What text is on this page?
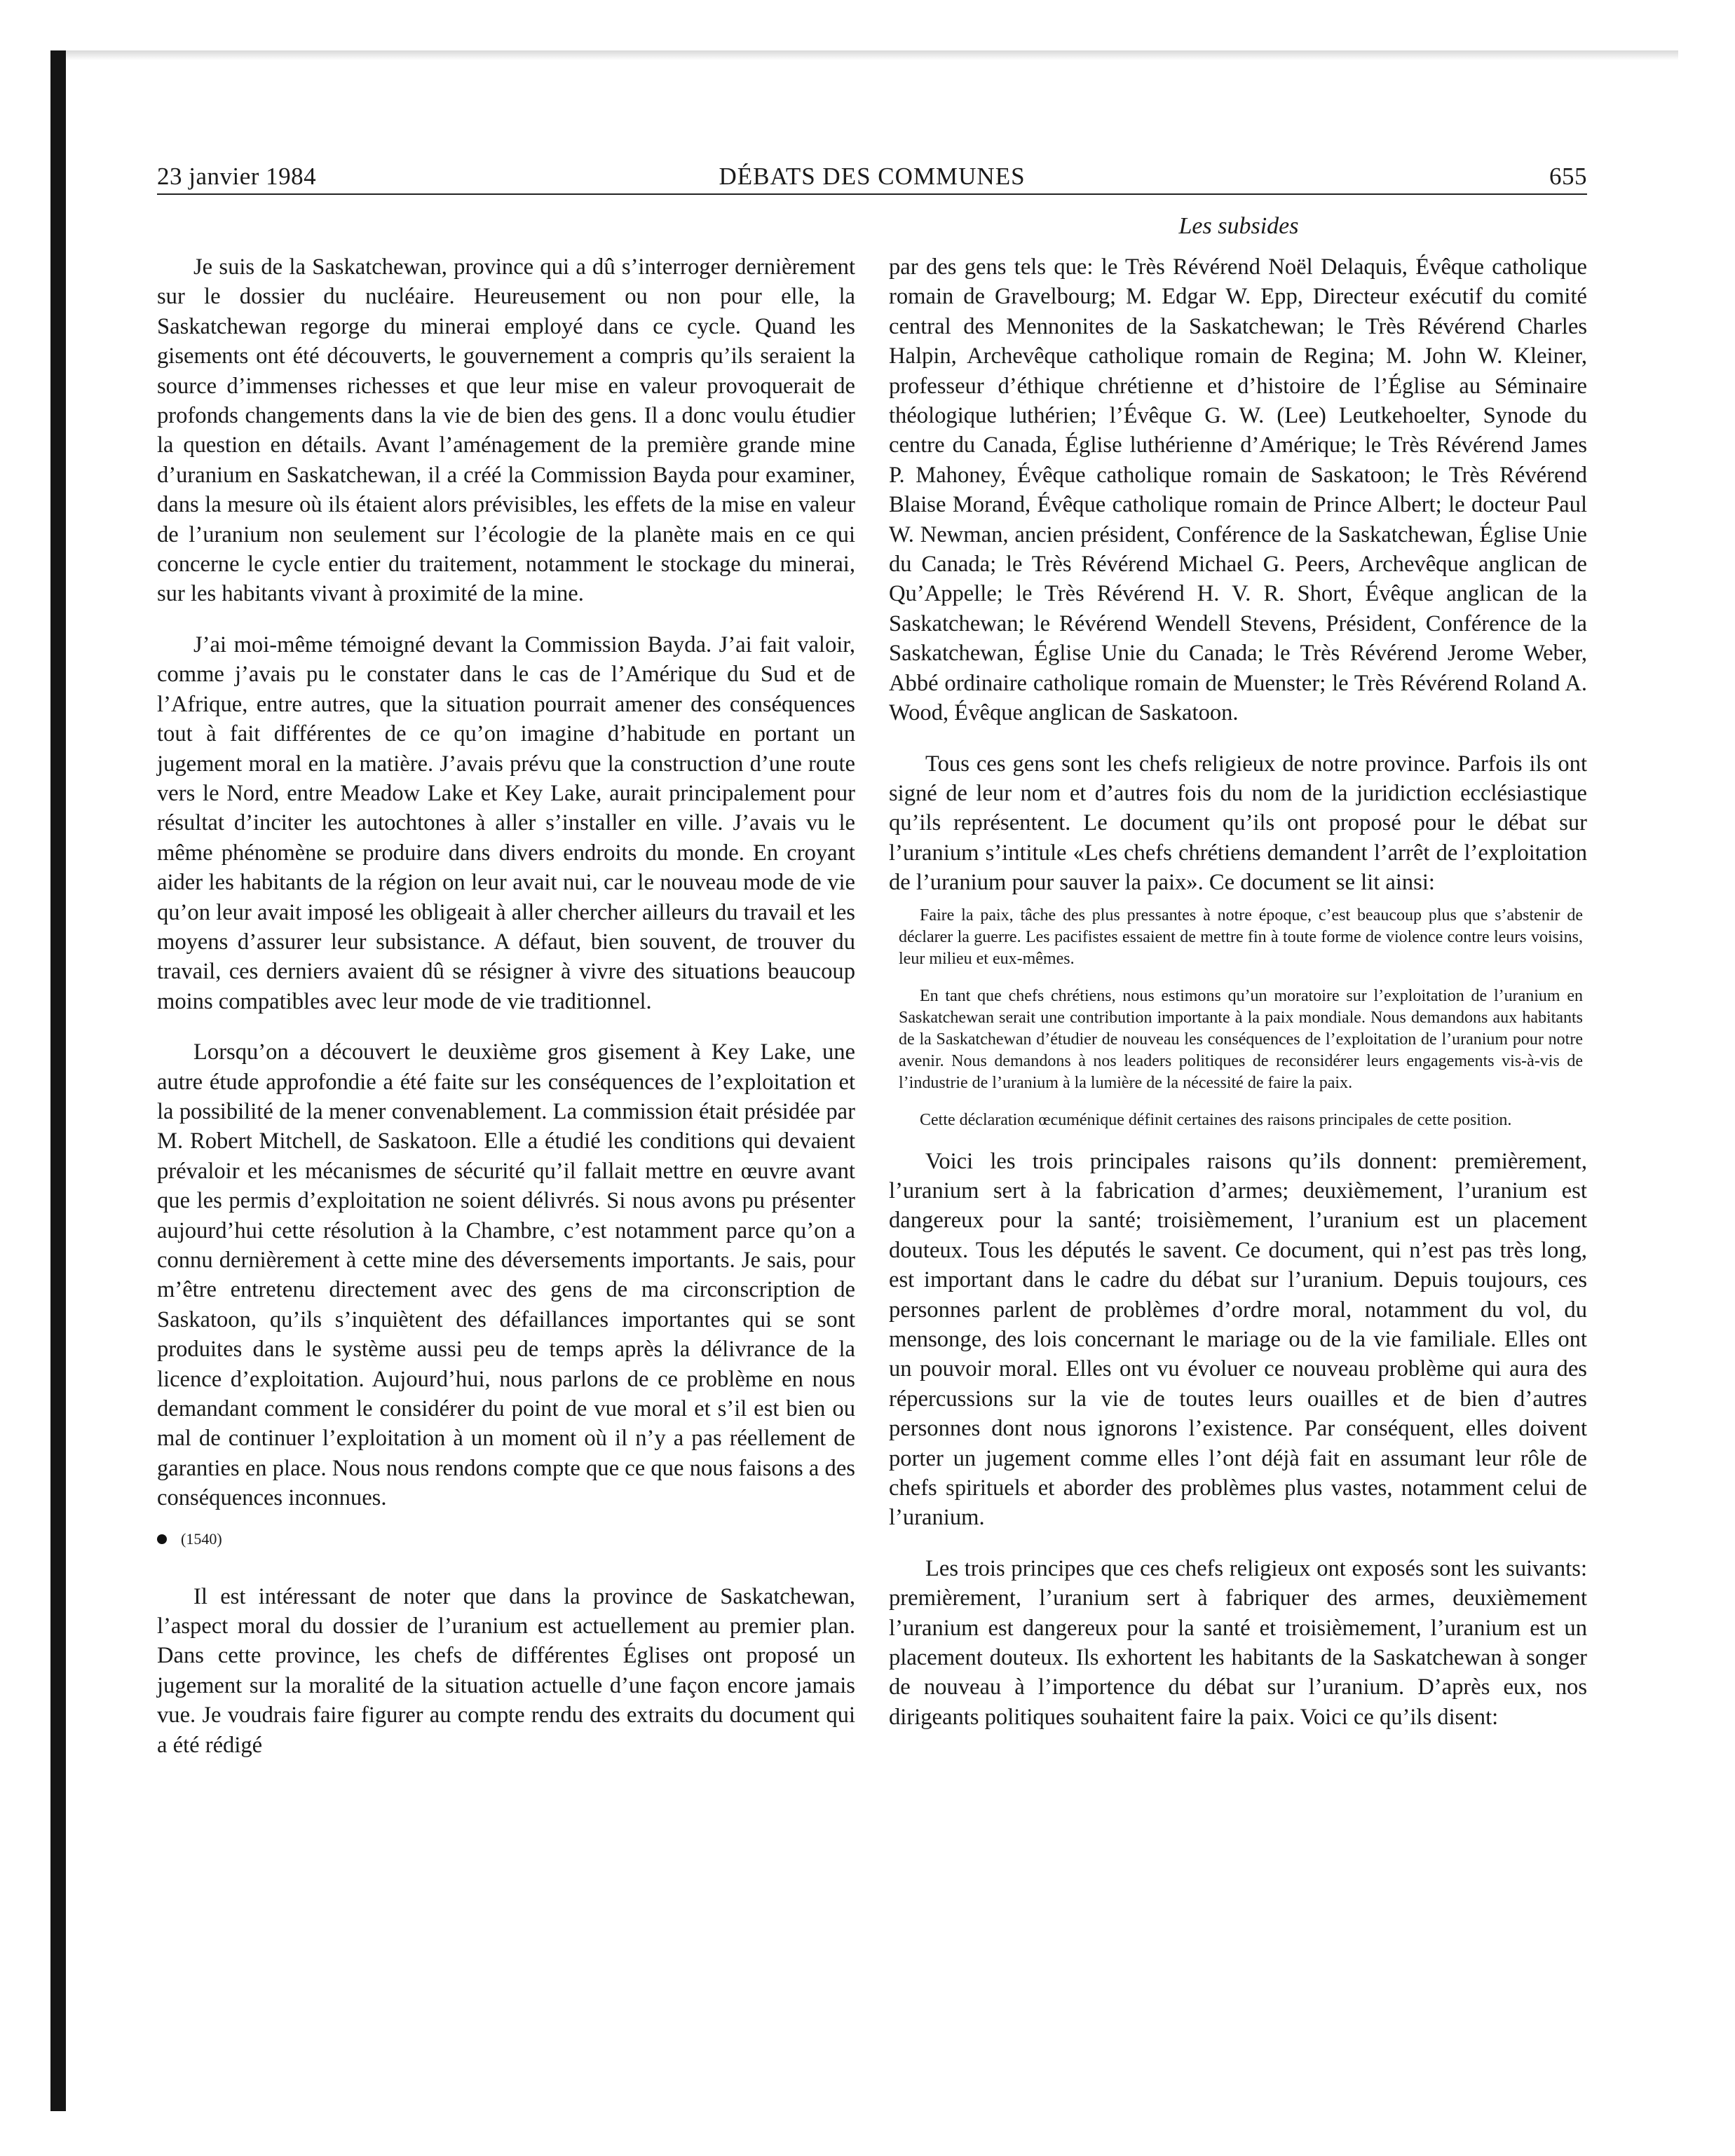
23 janvier 1984	DÉBATS DES COMMUNES	655
Les subsides

Je suis de la Saskatchewan, province qui a dû s’interroger dernièrement sur le dossier du nucléaire. Heureusement ou non pour elle, la Saskatchewan regorge du minerai employé dans ce cycle. Quand les gisements ont été découverts, le gouvernement a compris qu’ils seraient la source d’immenses richesses et que leur mise en valeur provoquerait de profonds changements dans la vie de bien des gens. Il a donc voulu étudier la question en détails. Avant l’aménagement de la première grande mine d’uranium en Saskatchewan, il a créé la Commission Bayda pour examiner, dans la mesure où ils étaient alors prévisibles, les effets de la mise en valeur de l’uranium non seulement sur l’écologie de la planète mais en ce qui concerne le cycle entier du traitement, notamment le stockage du minerai, sur les habitants vivant à proximité de la mine.

J’ai moi-même témoigné devant la Commission Bayda. J’ai fait valoir, comme j’avais pu le constater dans le cas de l’Amérique du Sud et de l’Afrique, entre autres, que la situation pourrait amener des conséquences tout à fait différentes de ce qu’on imagine d’habitude en portant un jugement moral en la matière. J’avais prévu que la construction d’une route vers le Nord, entre Meadow Lake et Key Lake, aurait principalement pour résultat d’inciter les autochtones à aller s’installer en ville. J’avais vu le même phénomène se produire dans divers endroits du monde. En croyant aider les habitants de la région on leur avait nui, car le nouveau mode de vie qu’on leur avait imposé les obligeait à aller chercher ailleurs du travail et les moyens d’assurer leur subsistance. A défaut, bien souvent, de trouver du travail, ces derniers avaient dû se résigner à vivre des situations beaucoup moins compatibles avec leur mode de vie traditionnel.

Lorsqu’on a découvert le deuxième gros gisement à Key Lake, une autre étude approfondie a été faite sur les conséquences de l’exploitation et la possibilité de la mener convenablement. La commission était présidée par M. Robert Mitchell, de Saskatoon. Elle a étudié les conditions qui devaient prévaloir et les mécanismes de sécurité qu’il fallait mettre en œuvre avant que les permis d’exploitation ne soient délivrés. Si nous avons pu présenter aujourd’hui cette résolution à la Chambre, c’est notamment parce qu’on a connu dernièrement à cette mine des déversements importants. Je sais, pour m’être entretenu directement avec des gens de ma circonscription de Saskatoon, qu’ils s’inquiètent des défaillances importantes qui se sont produites dans le système aussi peu de temps après la délivrance de la licence d’exploitation. Aujourd’hui, nous parlons de ce problème en nous demandant comment le considérer du point de vue moral et s’il est bien ou mal de continuer l’exploitation à un moment où il n’y a pas réellement de garanties en place. Nous nous rendons compte que ce que nous faisons a des conséquences inconnues.

(1540)

Il est intéressant de noter que dans la province de Saskatchewan, l’aspect moral du dossier de l’uranium est actuellement au premier plan. Dans cette province, les chefs de différentes Églises ont proposé un jugement sur la moralité de la situation actuelle d’une façon encore jamais vue. Je voudrais faire figurer au compte rendu des extraits du document qui a été rédigé

par des gens tels que: le Très Révérend Noël Delaquis, Évêque catholique romain de Gravelbourg; M. Edgar W. Epp, Directeur exécutif du comité central des Mennonites de la Saskatchewan; le Très Révérend Charles Halpin, Archevêque catholique romain de Regina; M. John W. Kleiner, professeur d’éthique chrétienne et d’histoire de l’Église au Séminaire théologique luthérien; l’Évêque G. W. (Lee) Leutkehoelter, Synode du centre du Canada, Église luthérienne d’Amérique; le Très Révérend James P. Mahoney, Évêque catholique romain de Saskatoon; le Très Révérend Blaise Morand, Évêque catholique romain de Prince Albert; le docteur Paul W. Newman, ancien président, Conférence de la Saskatchewan, Église Unie du Canada; le Très Révérend Michael G. Peers, Archevêque anglican de Qu’Appelle; le Très Révérend H. V. R. Short, Évêque anglican de la Saskatchewan; le Révérend Wendell Stevens, Président, Conférence de la Saskatchewan, Église Unie du Canada; le Très Révérend Jerome Weber, Abbé ordinaire catholique romain de Muenster; le Très Révérend Roland A. Wood, Évêque anglican de Saskatoon.

Tous ces gens sont les chefs religieux de notre province. Parfois ils ont signé de leur nom et d’autres fois du nom de la juridiction ecclésiastique qu’ils représentent. Le document qu’ils ont proposé pour le débat sur l’uranium s’intitule «Les chefs chrétiens demandent l’arrêt de l’exploitation de l’uranium pour sauver la paix». Ce document se lit ainsi:

Faire la paix, tâche des plus pressantes à notre époque, c’est beaucoup plus que s’abstenir de déclarer la guerre. Les pacifistes essaient de mettre fin à toute forme de violence contre leurs voisins, leur milieu et eux-mêmes.

En tant que chefs chrétiens, nous estimons qu’un moratoire sur l’exploitation de l’uranium en Saskatchewan serait une contribution importante à la paix mondiale. Nous demandons aux habitants de la Saskatchewan d’étudier de nouveau les conséquences de l’exploitation de l’uranium pour notre avenir. Nous demandons à nos leaders politiques de reconsidérer leurs engagements vis-à-vis de l’industrie de l’uranium à la lumière de la nécessité de faire la paix.

Cette déclaration œcuménique définit certaines des raisons principales de cette position.

Voici les trois principales raisons qu’ils donnent: premièrement, l’uranium sert à la fabrication d’armes; deuxièmement, l’uranium est dangereux pour la santé; troisièmement, l’uranium est un placement douteux. Tous les députés le savent. Ce document, qui n’est pas très long, est important dans le cadre du débat sur l’uranium. Depuis toujours, ces personnes parlent de problèmes d’ordre moral, notamment du vol, du mensonge, des lois concernant le mariage ou de la vie familiale. Elles ont un pouvoir moral. Elles ont vu évoluer ce nouveau problème qui aura des répercussions sur la vie de toutes leurs ouailles et de bien d’autres personnes dont nous ignorons l’existence. Par conséquent, elles doivent porter un jugement comme elles l’ont déjà fait en assumant leur rôle de chefs spirituels et aborder des problèmes plus vastes, notamment celui de l’uranium.

Les trois principes que ces chefs religieux ont exposés sont les suivants: premièrement, l’uranium sert à fabriquer des armes, deuxièmement l’uranium est dangereux pour la santé et troisièmement, l’uranium est un placement douteux. Ils exhortent les habitants de la Saskatchewan à songer de nouveau à l’importence du débat sur l’uranium. D’après eux, nos dirigeants politiques souhaitent faire la paix. Voici ce qu’ils disent:
